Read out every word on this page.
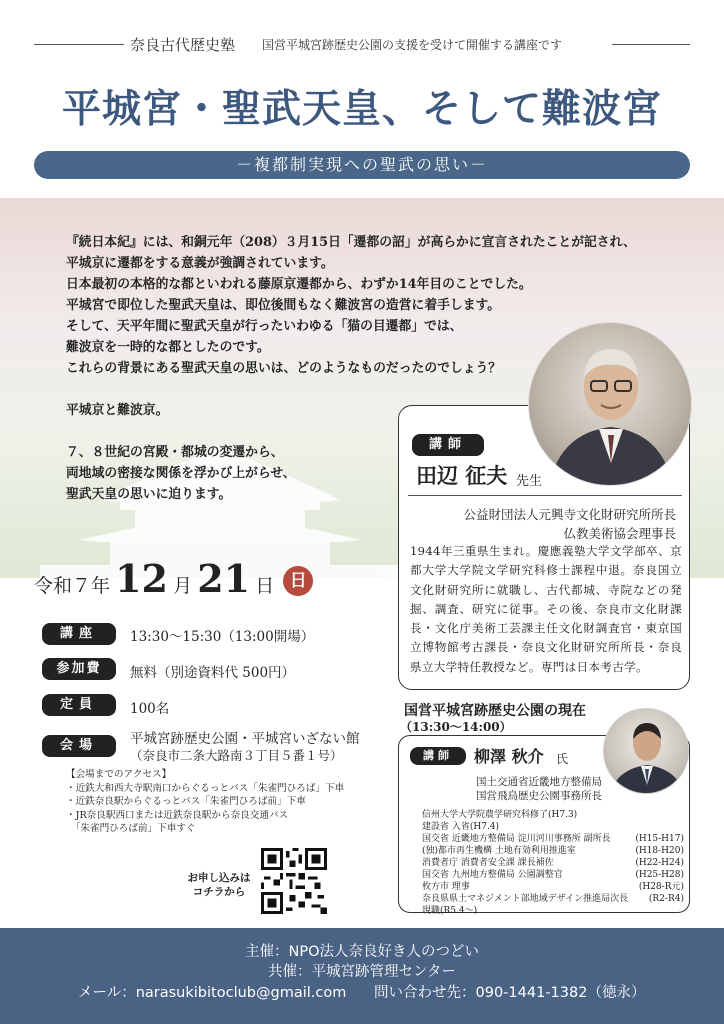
奈良古代歴史塾 国営平城宮跡歴史公園の支援を受けて開催する講座です
平城宮・聖武天皇、そして難波宮
－複都制実現への聖武の思い－

『続日本紀』には、和銅元年（208）３月15日「遷都の詔」が高らかに宣言されたことが記され、

平城京に遷都をする意義が強調されています。

日本最初の本格的な都といわれる藤原京遷都から、わずか14年目のことでした。

平城宮で即位した聖武天皇は、即位後間もなく難波宮の造営に着手します。

そして、天平年間に聖武天皇が行ったいわゆる「猫の目遷都」では、

難波京を一時的な都としたのです。

これらの背景にある聖武天皇の思いは、どのようなものだったのでしょう？

平城京と難波京。

７、８世紀の宮殿・都城の変遷から、

両地域の密接な関係を浮かび上がらせ、

聖武天皇の思いに迫ります。

講師
田辺 征夫 先生
公益財団法人元興寺文化財研究所所長
仏教美術協会理事長
1944年三重県生まれ。慶應義塾大学文学部卒、京都大学大学院文学研究科修士課程中退。奈良国立文化財研究所に就職し、古代都城、寺院などの発掘、調査、研究に従事。その後、奈良市文化財課長・文化庁美術工芸課主任文化財調査官・東京国立博物館考古課長・奈良文化財研究所所長・奈良県立大学特任教授など。専門は日本考古学。
令和７年 12 月 21 日 日
講座	13:30〜15:30（13:00開場）
参加費	無料（別途資料代 500円）
定員	100名
会場	平城宮跡歴史公園・平城宮いざない館
（奈良市二条大路南３丁目５番１号）
【会場までのアクセス】
・近鉄大和西大寺駅南口からぐるっとバス「朱雀門ひろば」下車
・近鉄奈良駅からぐるっとバス「朱雀門ひろば前」下車
・JR奈良駅西口または近鉄奈良駅から奈良交通バス
　「朱雀門ひろば前」下車すぐ
お申し込みは
コチラから
国営平城宮跡歴史公園の現在
（13:30〜14:00）
講師	柳澤 秋介 氏
国土交通省近畿地方整備局
国営飛鳥歴史公園事務所長
信州大学大学院農学研究科修了(H7.3)
建設省 入省(H7.4)
国交省 近畿地方整備局 淀川河川事務所 副所長	(H15-H17)
(独)都市再生機構 土地有効利用推進室	(H18-H20)
消費者庁 消費者安全課 課長補佐	(H22-H24)
国交省 九州地方整備局 公園調整官	(H25-H28)
枚方市 理事	(H28-R元)
奈良県県土マネジメント部地域デザイン推進局次長 (R2-R4)
現職(R5.4〜)
主催：NPO法人奈良好き人のつどい
共催：平城宮跡管理センター
メール：narasukibitoclub@gmail.com 問い合わせ先：090-1441-1382（徳永）
